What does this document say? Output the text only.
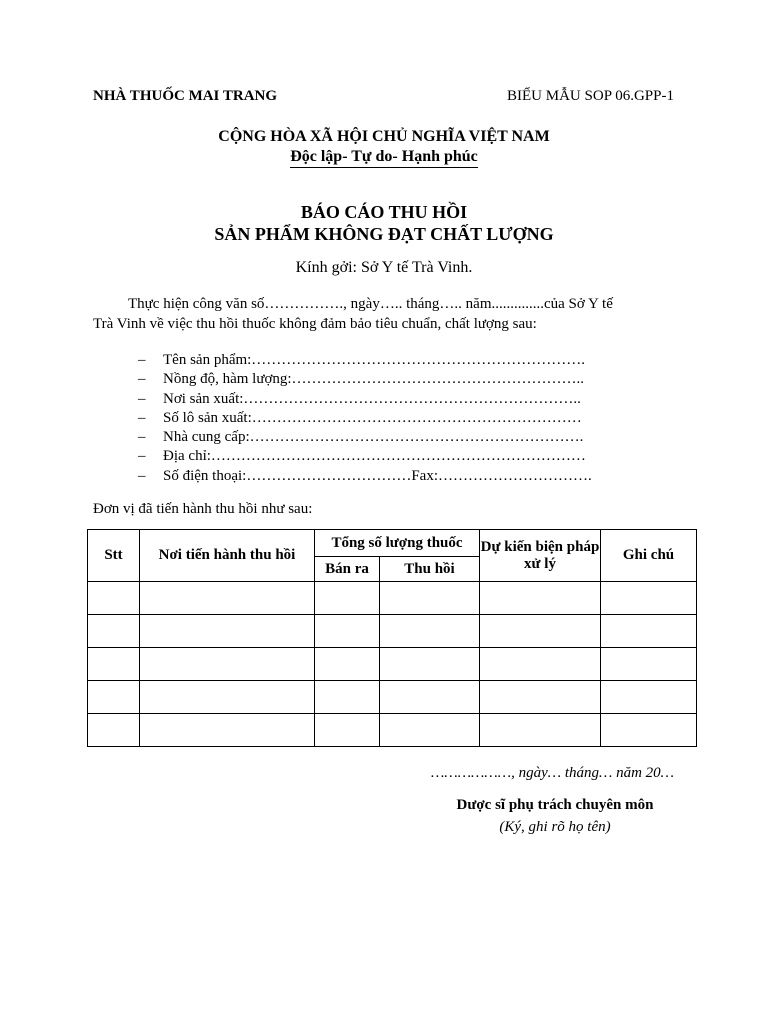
NHÀ THUỐC MAI TRANG	BIỂU MẪU SOP 06.GPP-1
CỘNG HÒA XÃ HỘI CHỦ NGHĨA VIỆT NAM
Độc lập- Tự do- Hạnh phúc
BÁO CÁO THU HỒI
SẢN PHẨM KHÔNG ĐẠT CHẤT LƯỢNG
Kính gởi: Sở Y tế Trà Vinh.
Thực hiện công văn số……………., ngày….. tháng….. năm..............của Sở Y tế
Trà Vinh về việc thu hồi thuốc không đảm bảo tiêu chuẩn, chất lượng sau:
– Tên sản phẩm:………………………………………………………….
– Nồng độ, hàm lượng:…………………………………………………..
– Nơi sản xuất:…………………………………………………………..
– Số lô sản xuất:…………………………………………………………
– Nhà cung cấp:………………………………………………………….
– Địa chỉ:…………………………………………………………………
– Số điện thoại:……………………………Fax:………………………….
Đơn vị đã tiến hành thu hồi như sau:
Stt	Nơi tiến hành thu hồi	Tổng số lượng thuốc		Dự kiến biện pháp xử lý	Ghi chú
		Bán ra	Thu hồi		

………………, ngày… tháng… năm 20…
Dược sĩ phụ trách chuyên môn
(Ký, ghi rõ họ tên)
